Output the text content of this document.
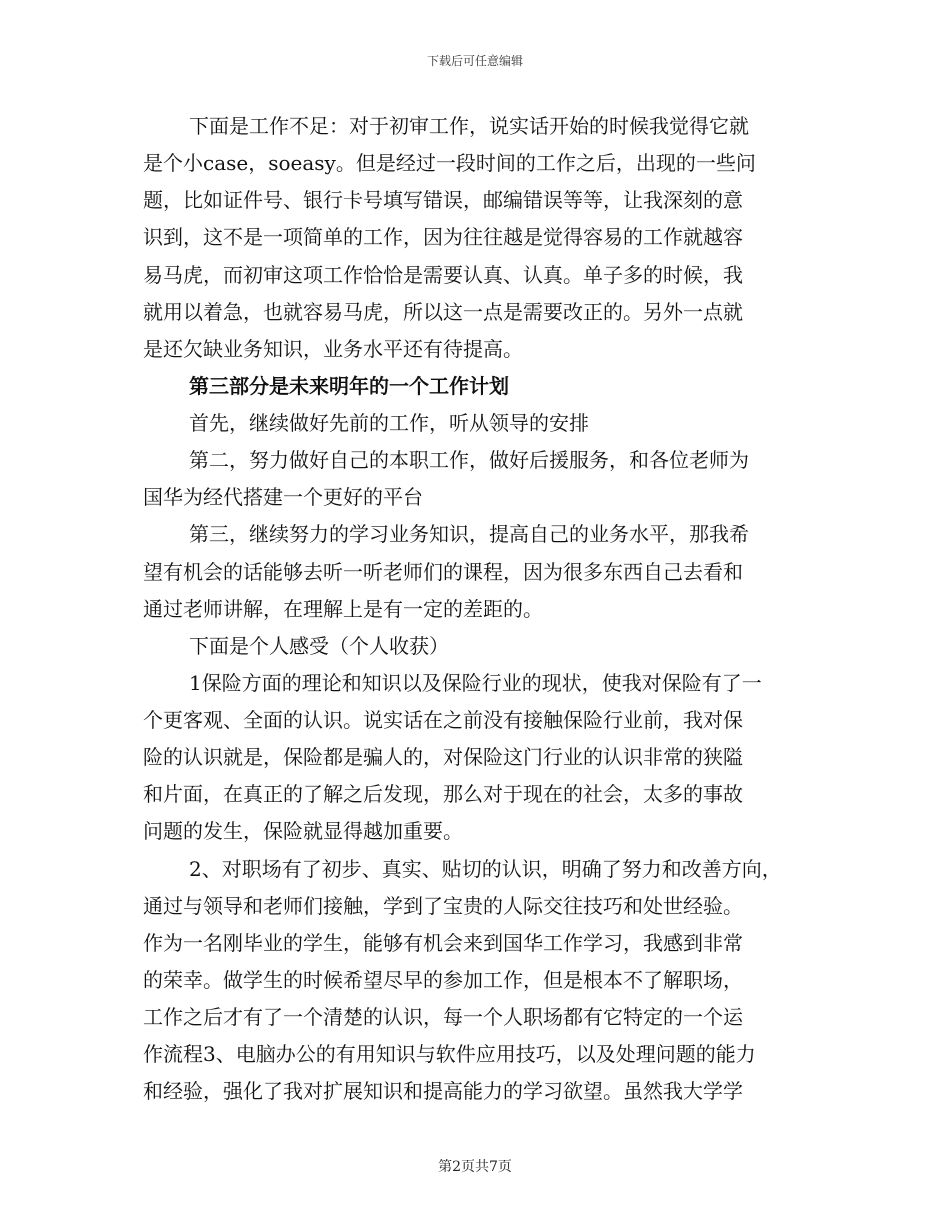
下载后可任意编辑
下面是工作不足：对于初审工作，说实话开始的时候我觉得它就
是个小case，soeasy。但是经过一段时间的工作之后，出现的一些问
题，比如证件号、银行卡号填写错误，邮编错误等等，让我深刻的意
识到，这不是一项简单的工作，因为往往越是觉得容易的工作就越容
易马虎，而初审这项工作恰恰是需要认真、认真。单子多的时候，我
就用以着急，也就容易马虎，所以这一点是需要改正的。另外一点就
是还欠缺业务知识，业务水平还有待提高。
第三部分是未来明年的一个工作计划
首先，继续做好先前的工作，听从领导的安排
第二，努力做好自己的本职工作，做好后援服务，和各位老师为
国华为经代搭建一个更好的平台
第三，继续努力的学习业务知识，提高自己的业务水平，那我希
望有机会的话能够去听一听老师们的课程，因为很多东西自己去看和
通过老师讲解，在理解上是有一定的差距的。
下面是个人感受（个人收获）
1保险方面的理论和知识以及保险行业的现状，使我对保险有了一
个更客观、全面的认识。说实话在之前没有接触保险行业前，我对保
险的认识就是，保险都是骗人的，对保险这门行业的认识非常的狭隘
和片面，在真正的了解之后发现，那么对于现在的社会，太多的事故
问题的发生，保险就显得越加重要。
2、对职场有了初步、真实、贴切的认识，明确了努力和改善方向，
通过与领导和老师们接触，学到了宝贵的人际交往技巧和处世经验。
作为一名刚毕业的学生，能够有机会来到国华工作学习，我感到非常
的荣幸。做学生的时候希望尽早的参加工作，但是根本不了解职场，
工作之后才有了一个清楚的认识，每一个人职场都有它特定的一个运
作流程3、电脑办公的有用知识与软件应用技巧，以及处理问题的能力
和经验，强化了我对扩展知识和提高能力的学习欲望。虽然我大学学
第2页共7页
